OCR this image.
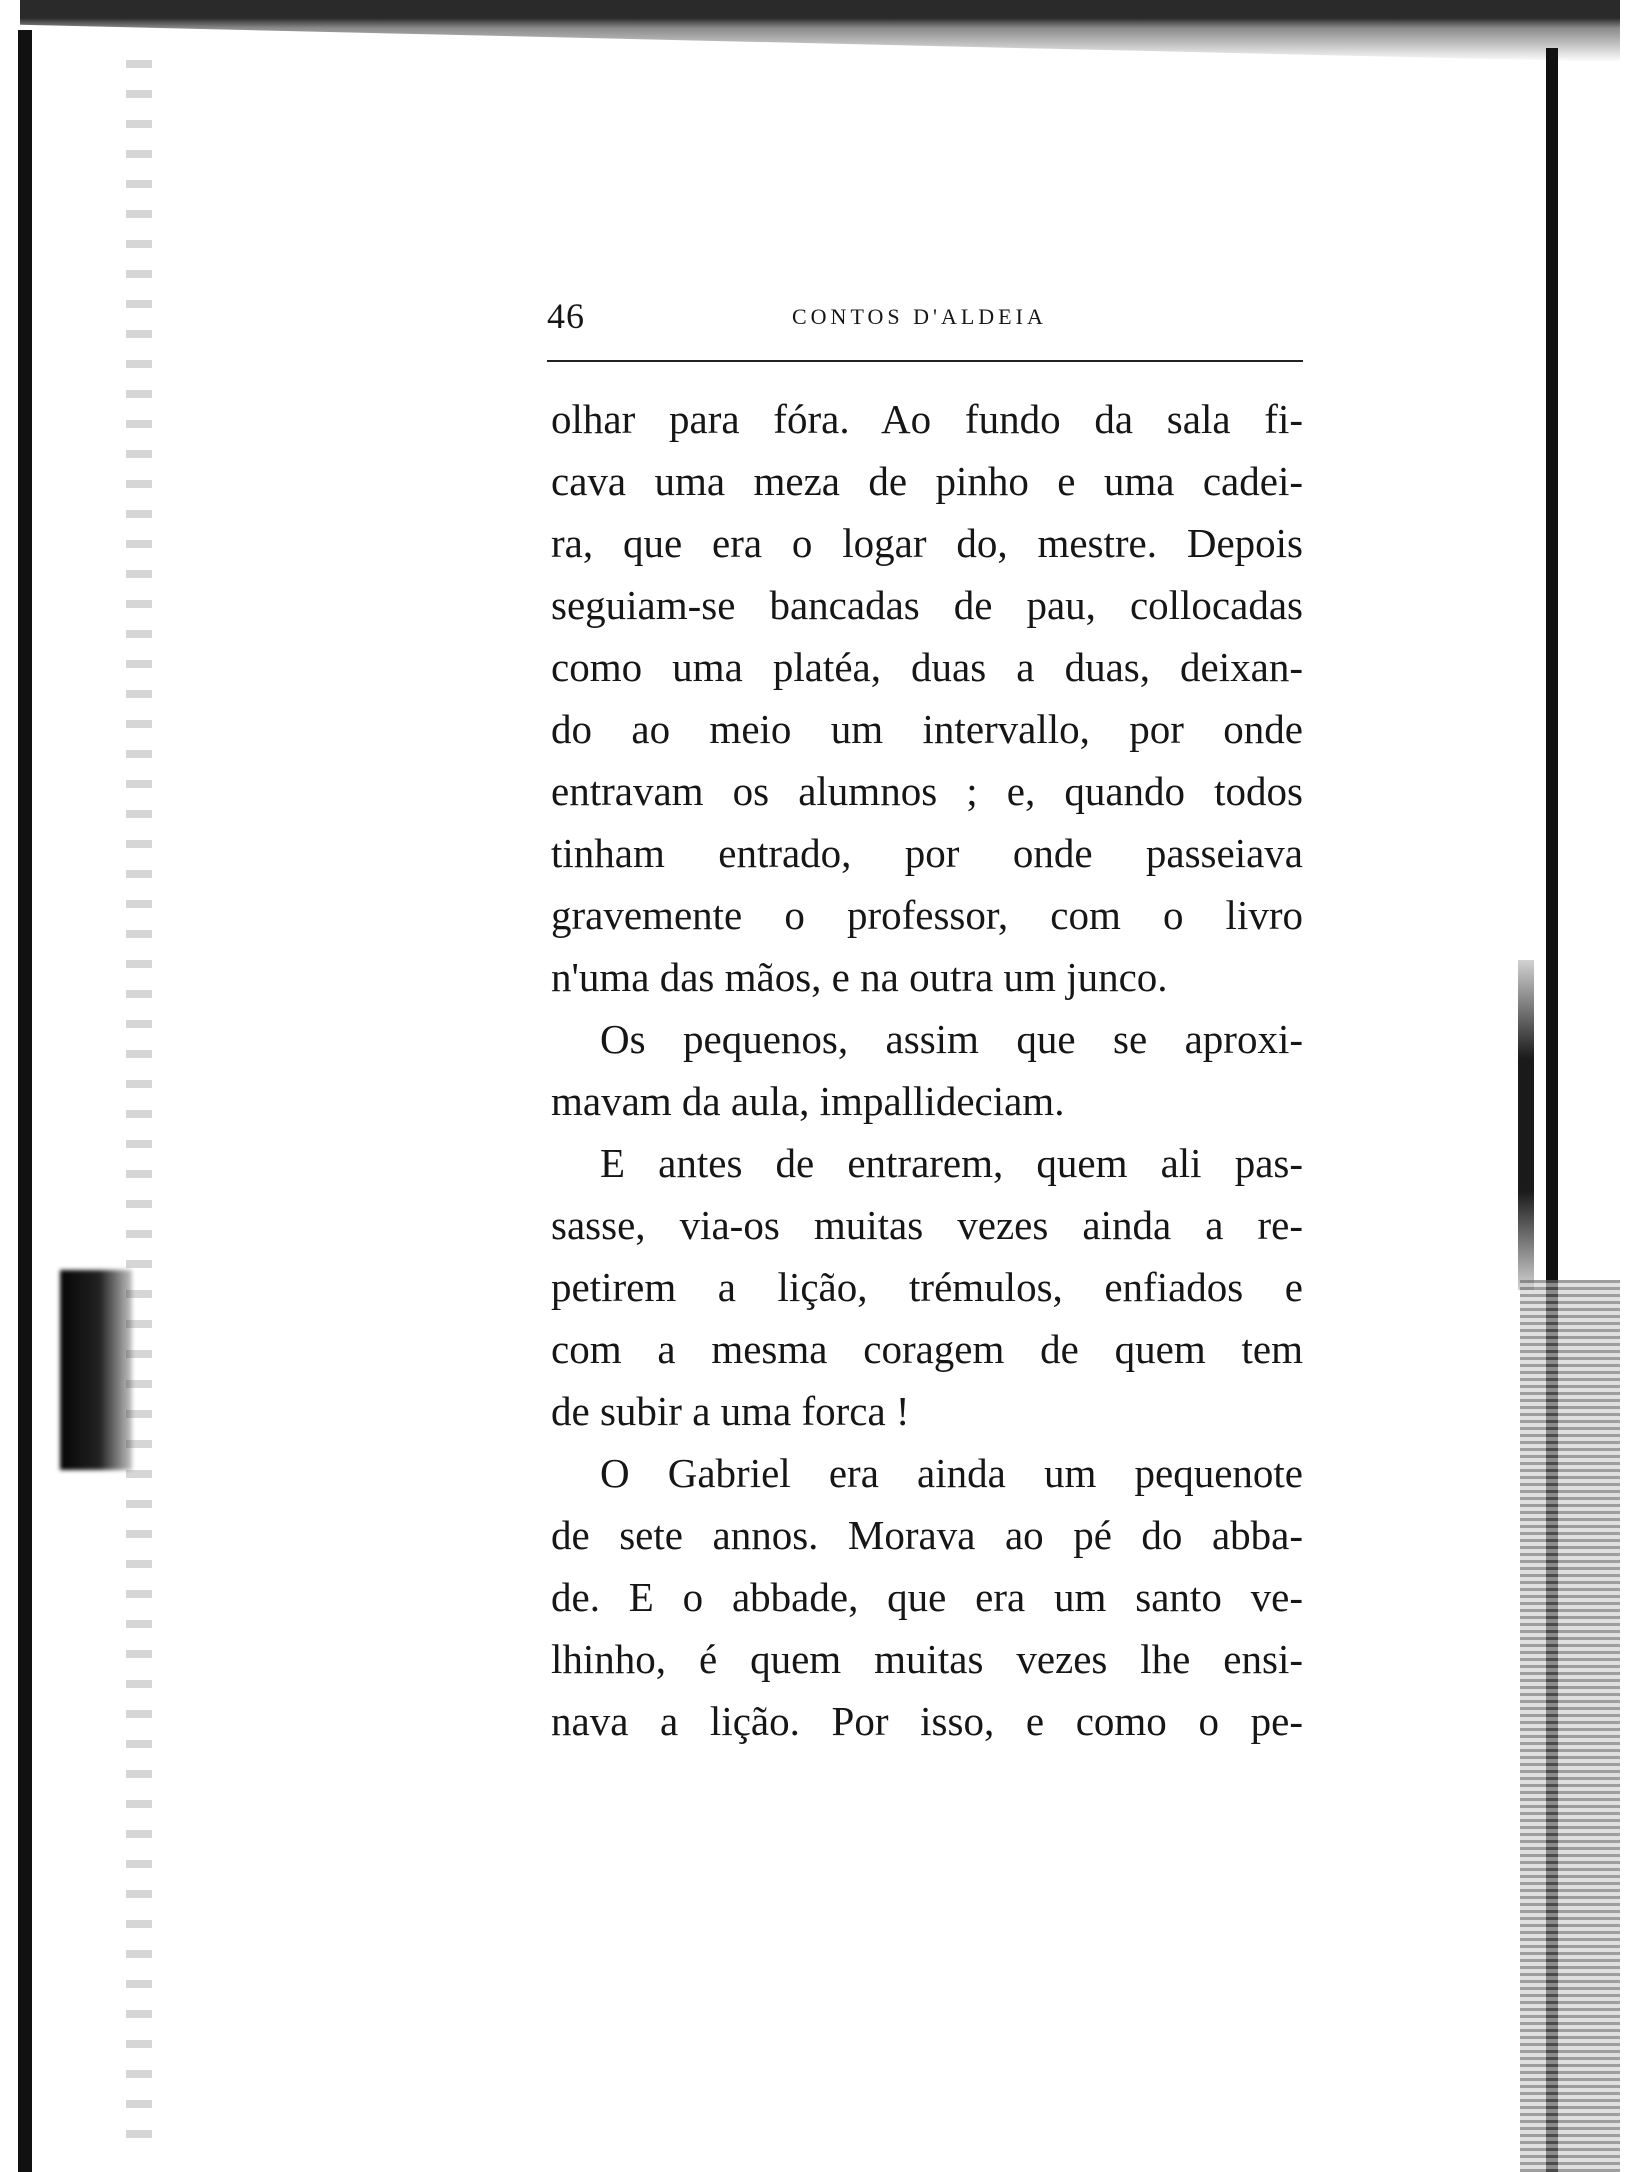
46	CONTOS D'ALDEIA
olhar para fóra. Ao fundo da sala fi-
cava uma meza de pinho e uma cadei-
ra, que era o logar do, mestre. Depois
seguiam-se bancadas de pau, collocadas
como uma platéa, duas a duas, deixan-
do ao meio um intervallo, por onde
entravam os alumnos ; e, quando todos
tinham entrado, por onde passeiava
gravemente o professor, com o livro
n'uma das mãos, e na outra um junco.
Os pequenos, assim que se aproxi-
mavam da aula, impallideciam.
E antes de entrarem, quem ali pas-
sasse, via-os muitas vezes ainda a re-
petirem a lição, trémulos, enfiados e
com a mesma coragem de quem tem
de subir a uma forca !
O Gabriel era ainda um pequenote
de sete annos. Morava ao pé do abba-
de. E o abbade, que era um santo ve-
lhinho, é quem muitas vezes lhe ensi-
nava a lição. Por isso, e como o pe-
